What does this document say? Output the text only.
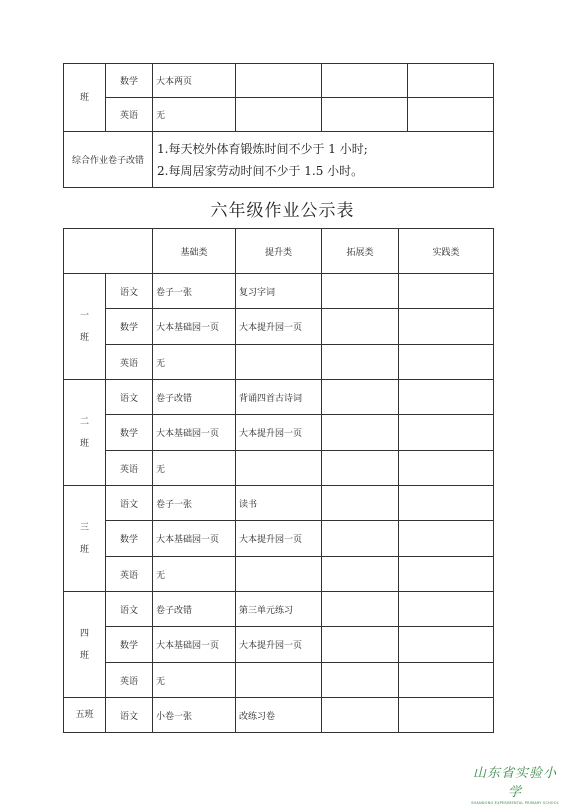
班	数学	大本两页			
	英语	无			
综合作业卷子改错		1.每天校外体育锻炼时间不少于 1 小时;
2.每周居家劳动时间不少于 1.5 小时。			
六年级作业公示表
		基础类	提升类	拓展类	实践类

一
班	语文	卷子一张	复习字词		
	数学	大本基础园一页	大本提升园一页		
	英语	无			

二
班	语文	卷子改错	背诵四首古诗词		
	数学	大本基础园一页	大本提升园一页		
	英语	无			

三
班	语文	卷子一张	读书		
	数学	大本基础园一页	大本提升园一页		
	英语	无			

四
班	语文	卷子改错	第三单元练习		
	数学	大本基础园一页	大本提升园一页		
	英语	无			

五班	语文	小卷一张	改练习卷		
山东省实验小学
SHANDONG EXPERIMENTAL PRIMARY SCHOOL
